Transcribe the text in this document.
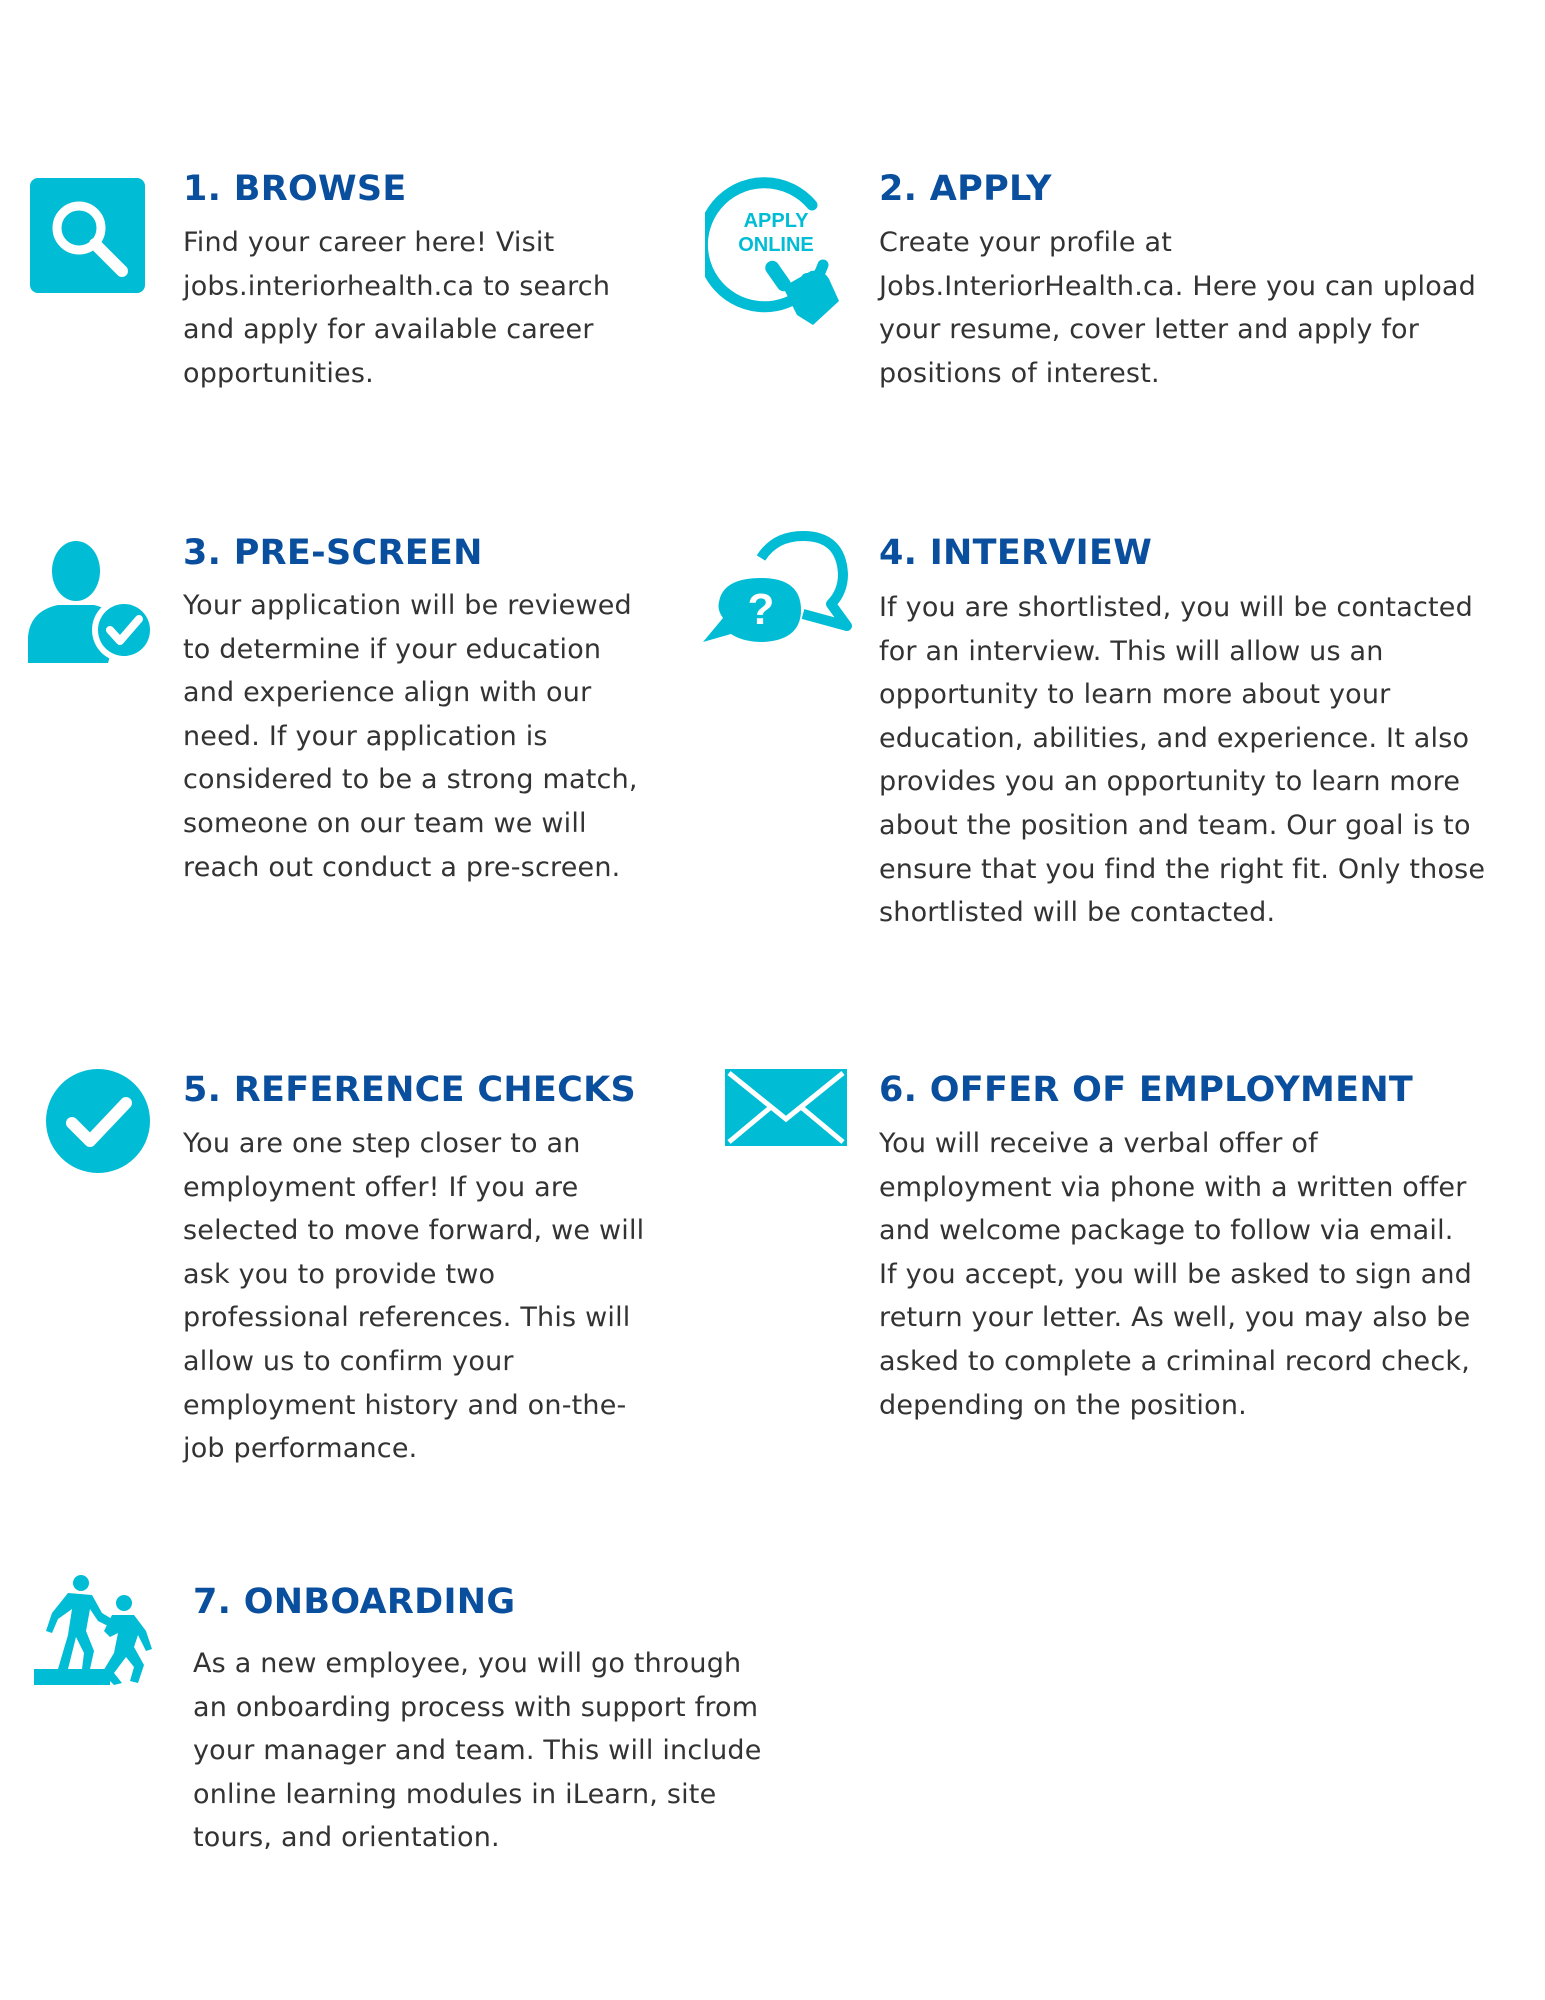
1. BROWSE

Find your career here! Visit jobs.interiorhealth.ca to search and apply for available career opportunities.

APPLY
ONLINE
2. APPLY

Create your profile at Jobs.InteriorHealth.ca. Here you can upload your resume, cover letter and apply for positions of interest.

3. PRE-SCREEN

Your application will be reviewed to determine if your education and experience align with our need. If your application is considered to be a strong match, someone on our team we will reach out conduct a pre-screen.

?
4. INTERVIEW

If you are shortlisted, you will be contacted for an interview. This will allow us an opportunity to learn more about your education, abilities, and experience. It also provides you an opportunity to learn more about the position and team. Our goal is to ensure that you find the right fit. Only those shortlisted will be contacted.

5. REFERENCE CHECKS

You are one step closer to an employment offer! If you are selected to move forward, we will ask you to provide two professional references. This will allow us to confirm your employment history and on-the-job performance.

6. OFFER OF EMPLOYMENT

You will receive a verbal offer of employment via phone with a written offer and welcome package to follow via email. If you accept, you will be asked to sign and return your letter. As well, you may also be asked to complete a criminal record check, depending on the position.

7. ONBOARDING

As a new employee, you will go through an onboarding process with support from your manager and team. This will include online learning modules in iLearn, site tours, and orientation.
